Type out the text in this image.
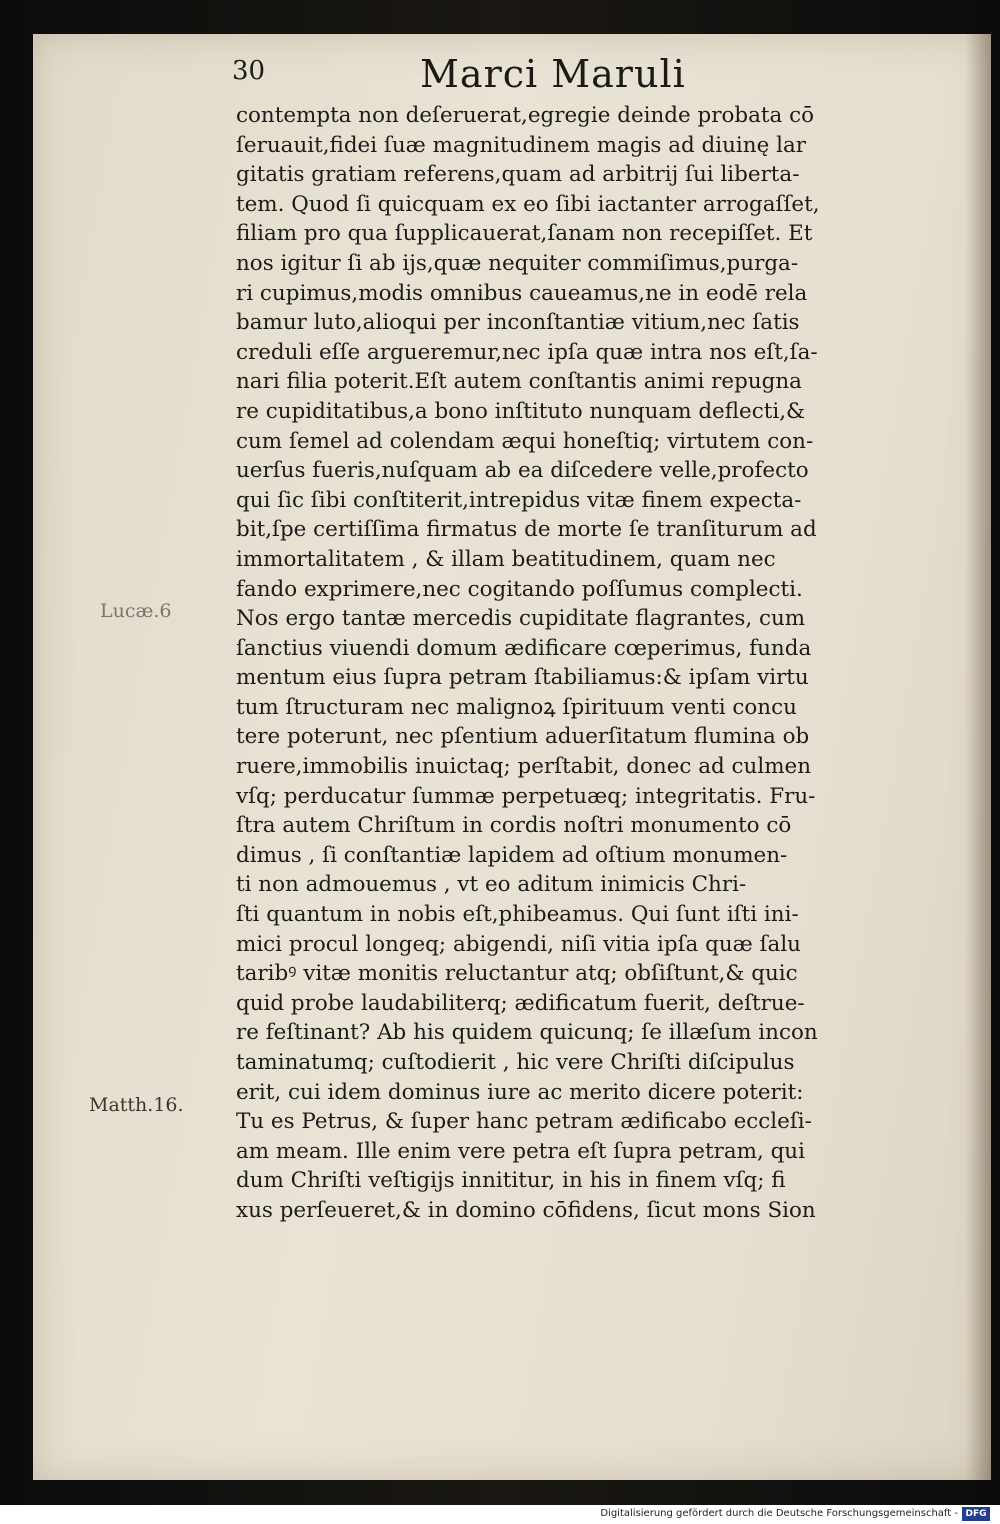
30	Marci Maruli
contempta non deſeruerat,egregie deinde probata cō
ſeruauit,fidei ſuæ magnitudinem magis ad diuinę lar
gitatis gratiam referens,quam ad arbitrij ſui liberta-
tem. Quod ſi quicquam ex eo ſibi iactanter arrogaſſet,
filiam pro qua ſupplicauerat,ſanam non recepiſſet. Et
nos igitur ſi ab ijs,quæ nequiter commiſimus,purga-
ri cupimus,modis omnibus caueamus,ne in eodē rela
bamur luto,alioqui per inconſtantiæ vitium,nec ſatis
creduli eſſe argueremur,nec ipſa quæ intra nos eſt,ſa-
nari filia poterit.Eſt autem conſtantis animi repugna
re cupiditatibus,a bono inſtituto nunquam deflecti,&
cum ſemel ad colendam æqui honeſtiq; virtutem con-
uerſus fueris,nuſquam ab ea diſcedere velle,profecto
qui ſic ſibi conſtiterit,intrepidus vitæ finem expecta-
bit,ſpe certiſſima firmatus de morte ſe tranſiturum ad
immortalitatem , & illam beatitudinem, quam nec
fando exprimere,nec cogitando poſſumus complecti.
Nos ergo tantæ mercedis cupiditate flagrantes, cum
ſanctius viuendi domum ædificare cœperimus, funda
mentum eius ſupra petram ſtabiliamus:& ipſam virtu
tum ſtructuram nec malignoꝝ ſpirituum venti concu
tere poterunt, nec pſentium aduerſitatum flumina ob
ruere,immobilis inuictaq; perſtabit, donec ad culmen
vſq; perducatur ſummæ perpetuæq; integritatis. Fru-
ſtra autem Chriſtum in cordis noſtri monumento cō
dimus , ſi conſtantiæ lapidem ad oſtium monumen-
ti non admouemus , vt eo aditum inimicis Chri-
ſti quantum in nobis eſt,phibeamus. Qui ſunt iſti ini-
mici procul longeq; abigendi, niſi vitia ipſa quæ ſalu
taribꝰ vitæ monitis reluctantur atq; obſiſtunt,& quic
quid probe laudabiliterq; ædificatum fuerit, deſtrue-
re feſtinant? Ab his quidem quicunq; ſe illæſum incon
taminatumq; cuſtodierit , hic vere Chriſti diſcipulus
erit, cui idem dominus iure ac merito dicere poterit:
Tu es Petrus, & ſuper hanc petram ædificabo eccleſi-
am meam. Ille enim vere petra eſt ſupra petram, qui
dum Chriſti veſtigijs innititur, in his in finem vſq; fi
xus perſeueret,& in domino cōfidens, ſicut mons Sion
Lucæ.6
Matth.16.
Digitalisierung gefördert durch die Deutsche Forschungsgemeinschaft - DFG
